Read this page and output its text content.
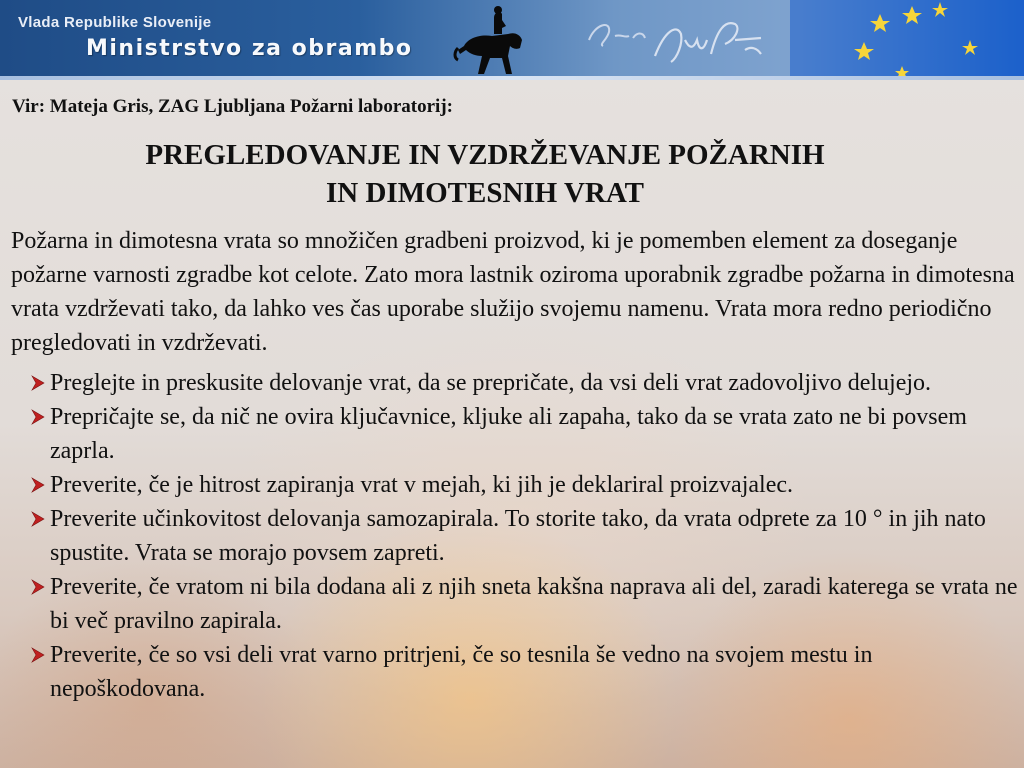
Vlada Republike Slovenije
Ministrstvo za obrambo
Vir: Mateja Gris, ZAG Ljubljana Požarni laboratorij:
PREGLEDOVANJE IN VZDRŽEVANJE POŽARNIH
IN DIMOTESNIH VRAT
Požarna in dimotesna vrata so množičen gradbeni proizvod, ki je pomemben element za doseganje požarne varnosti zgradbe kot celote. Zato mora lastnik oziroma uporabnik zgradbe požarna in dimotesna vrata vzdrževati tako, da lahko ves čas uporabe služijo svojemu namenu. Vrata mora redno periodično pregledovati in vzdrževati.
Preglejte in preskusite delovanje vrat, da se prepričate, da vsi deli vrat zadovoljivo delujejo.
Prepričajte se, da nič ne ovira ključavnice, kljuke ali zapaha, tako da se vrata zato ne bi povsem zaprla.
Preverite, če je hitrost zapiranja vrat v mejah, ki jih je deklariral proizvajalec.
Preverite učinkovitost delovanja samozapirala. To storite tako, da vrata odprete za 10 ° in jih nato spustite. Vrata se morajo povsem zapreti.
Preverite, če vratom ni bila dodana ali z njih sneta kakšna naprava ali del, zaradi katerega se vrata ne bi več pravilno zapirala.
Preverite, če so vsi deli vrat varno pritrjeni, če so tesnila še vedno na svojem mestu in nepoškodovana.
